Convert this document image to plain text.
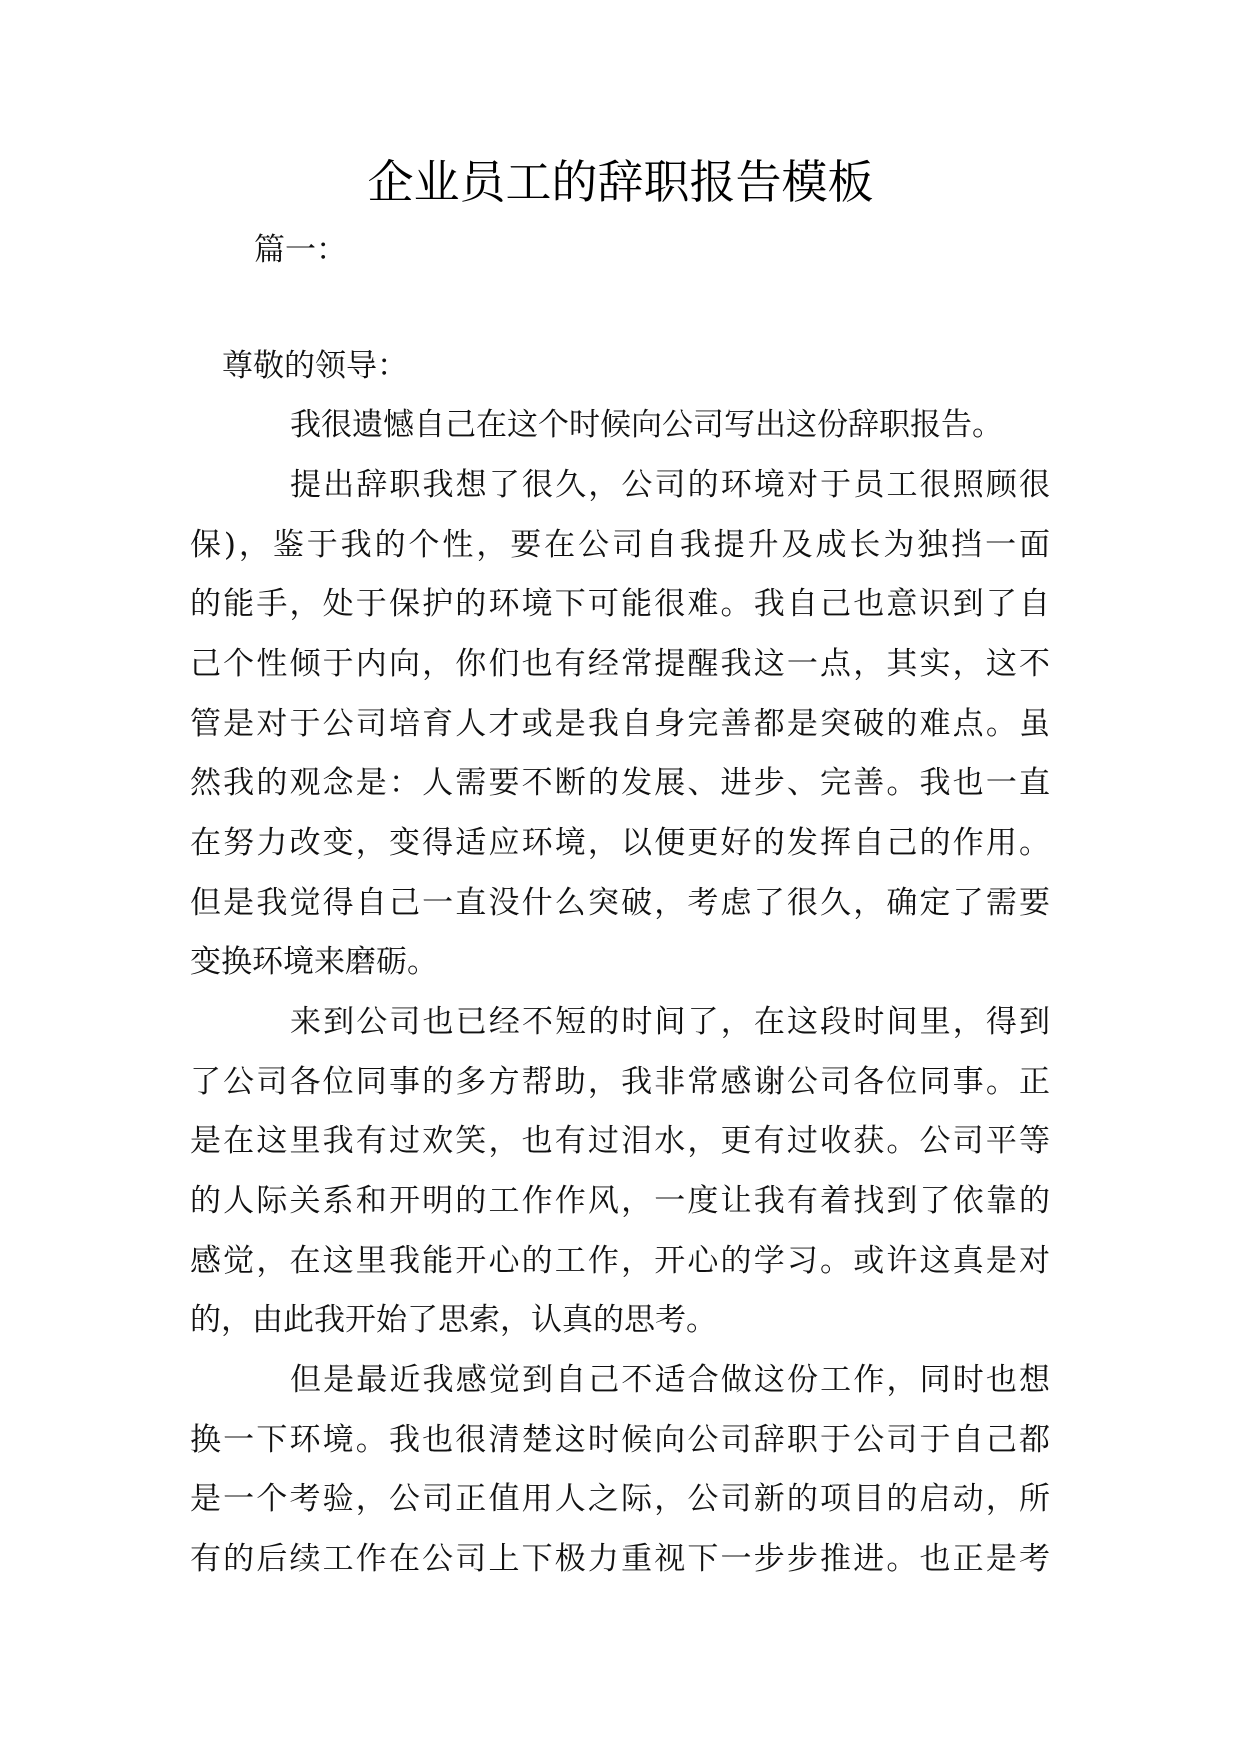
企业员工的辞职报告模板
篇一：
尊敬的领导：
我很遗憾自己在这个时候向公司写出这份辞职报告。
提出辞职我想了很久，公司的环境对于员工很照顾很
保)，鉴于我的个性，要在公司自我提升及成长为独挡一面
的能手，处于保护的环境下可能很难。我自己也意识到了自
己个性倾于内向，你们也有经常提醒我这一点，其实，这不
管是对于公司培育人才或是我自身完善都是突破的难点。虽
然我的观念是：人需要不断的发展、进步、完善。我也一直
在努力改变，变得适应环境，以便更好的发挥自己的作用。
但是我觉得自己一直没什么突破，考虑了很久，确定了需要
变换环境来磨砺。
来到公司也已经不短的时间了，在这段时间里，得到
了公司各位同事的多方帮助，我非常感谢公司各位同事。正
是在这里我有过欢笑，也有过泪水，更有过收获。公司平等
的人际关系和开明的工作作风，一度让我有着找到了依靠的
感觉，在这里我能开心的工作，开心的学习。或许这真是对
的，由此我开始了思索，认真的思考。
但是最近我感觉到自己不适合做这份工作，同时也想
换一下环境。我也很清楚这时候向公司辞职于公司于自己都
是一个考验，公司正值用人之际，公司新的项目的启动，所
有的后续工作在公司上下极力重视下一步步推进。也正是考
